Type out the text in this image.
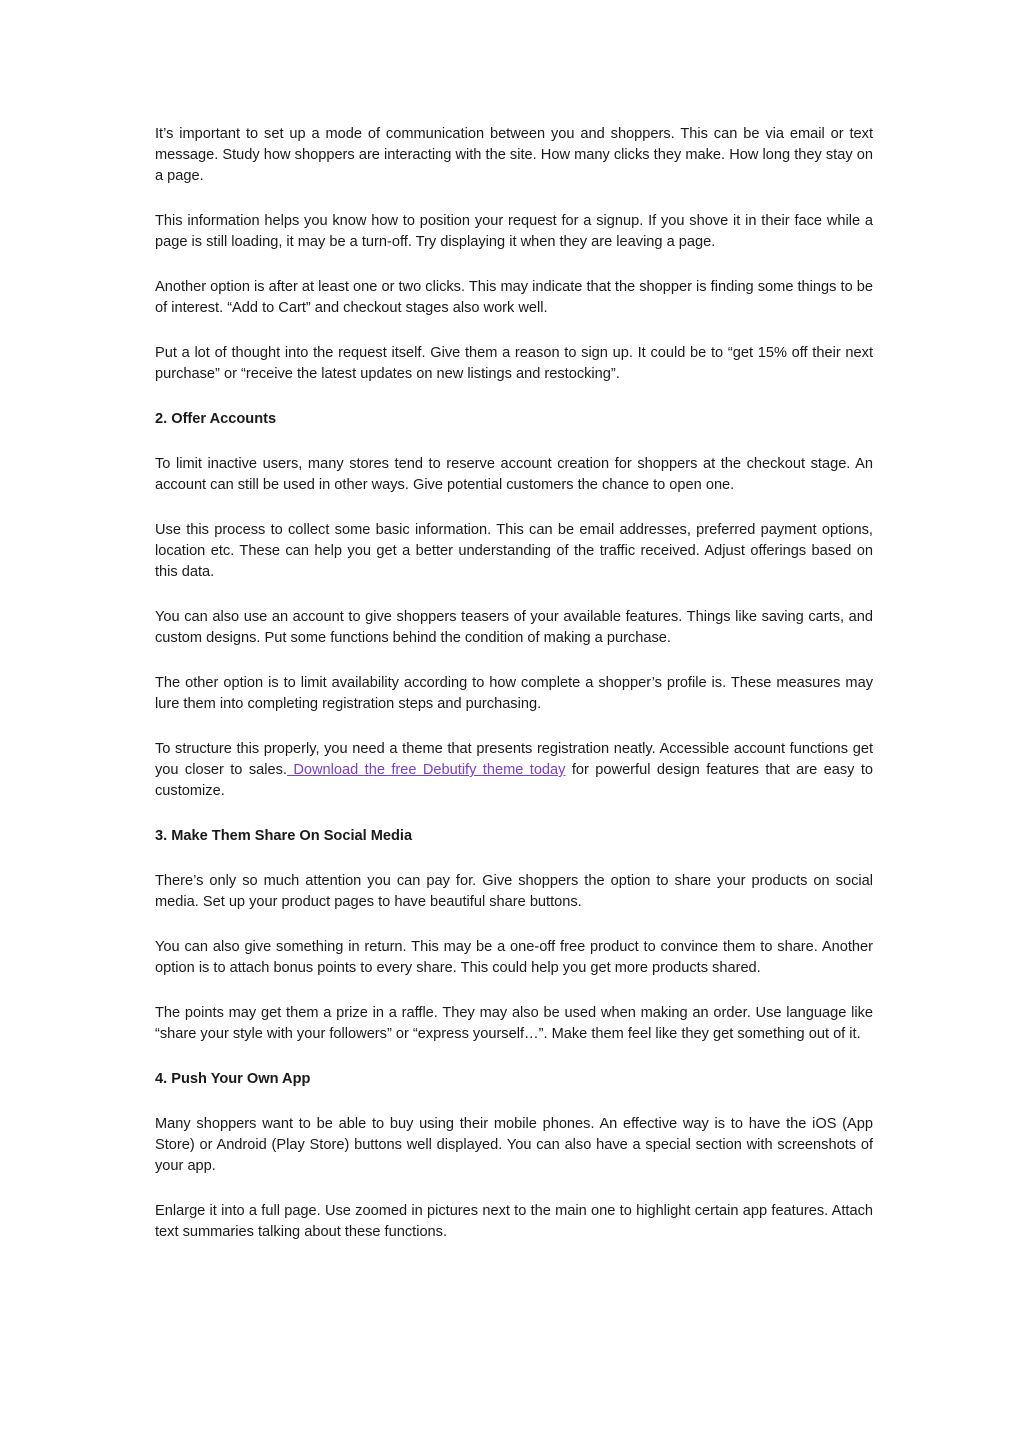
It’s important to set up a mode of communication between you and shoppers. This can be via email or text message. Study how shoppers are interacting with the site. How many clicks they make. How long they stay on a page.

This information helps you know how to position your request for a signup. If you shove it in their face while a page is still loading, it may be a turn-off. Try displaying it when they are leaving a page.

Another option is after at least one or two clicks. This may indicate that the shopper is finding some things to be of interest. “Add to Cart” and checkout stages also work well.

Put a lot of thought into the request itself. Give them a reason to sign up. It could be to “get 15% off their next purchase” or “receive the latest updates on new listings and restocking”.

2. Offer Accounts

To limit inactive users, many stores tend to reserve account creation for shoppers at the checkout stage. An account can still be used in other ways. Give potential customers the chance to open one.

Use this process to collect some basic information. This can be email addresses, preferred payment options, location etc. These can help you get a better understanding of the traffic received. Adjust offerings based on this data.

You can also use an account to give shoppers teasers of your available features. Things like saving carts, and custom designs. Put some functions behind the condition of making a purchase.

The other option is to limit availability according to how complete a shopper’s profile is. These measures may lure them into completing registration steps and purchasing.

To structure this properly, you need a theme that presents registration neatly. Accessible account functions get you closer to sales. Download the free Debutify theme today for powerful design features that are easy to customize.

3. Make Them Share On Social Media

There’s only so much attention you can pay for. Give shoppers the option to share your products on social media. Set up your product pages to have beautiful share buttons.

You can also give something in return. This may be a one-off free product to convince them to share. Another option is to attach bonus points to every share. This could help you get more products shared.

The points may get them a prize in a raffle. They may also be used when making an order. Use language like “share your style with your followers” or “express yourself…”. Make them feel like they get something out of it.

4. Push Your Own App

Many shoppers want to be able to buy using their mobile phones. An effective way is to have the iOS (App Store) or Android (Play Store) buttons well displayed. You can also have a special section with screenshots of your app.

Enlarge it into a full page. Use zoomed in pictures next to the main one to highlight certain app features. Attach text summaries talking about these functions.
